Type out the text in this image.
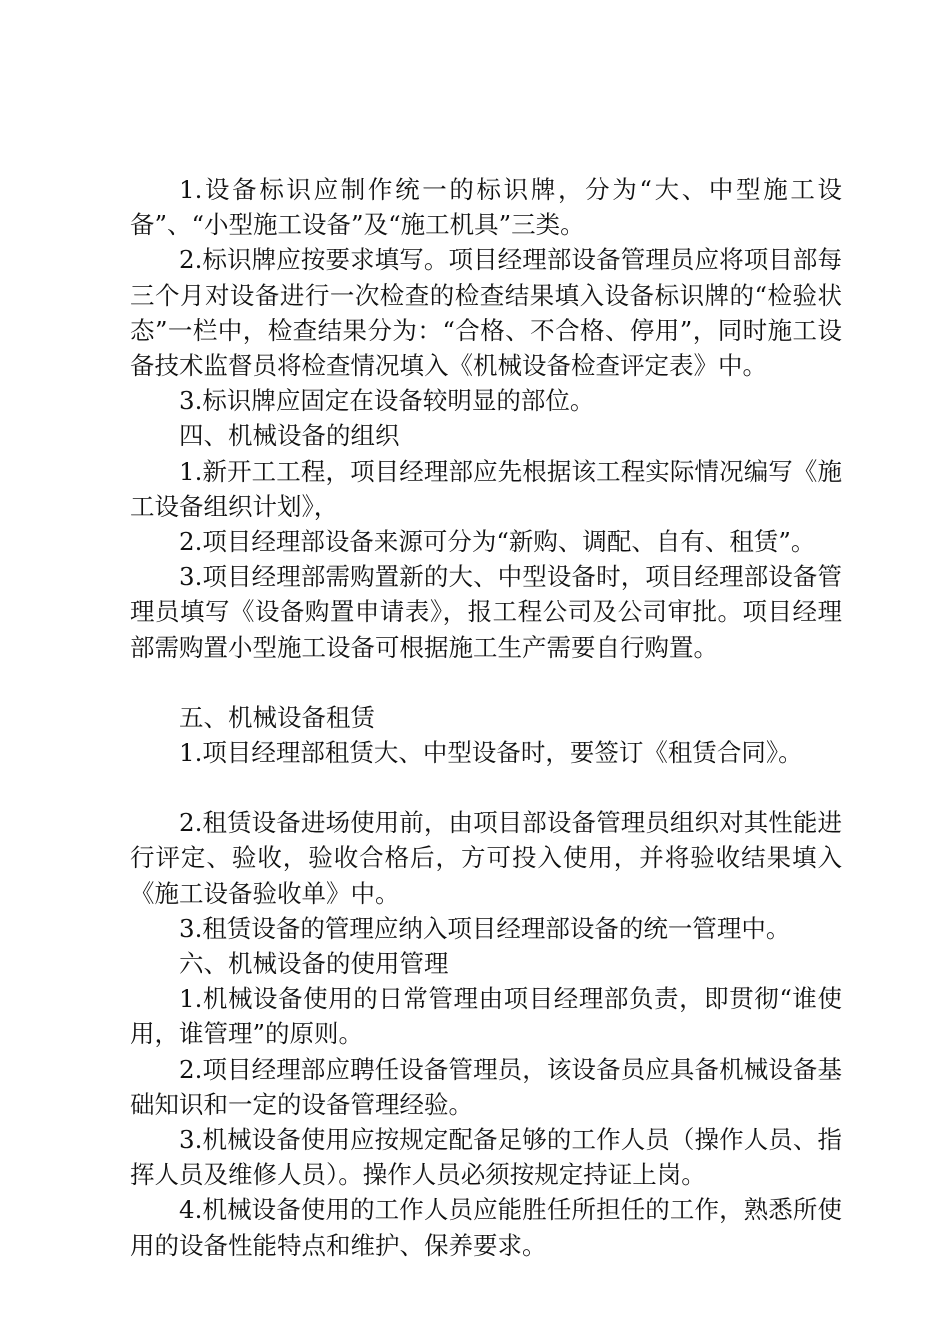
1.设备标识应制作统一的标识牌，分为“大、中型施工设备”、“小型施工设备”及“施工机具”三类。

2.标识牌应按要求填写。项目经理部设备管理员应将项目部每三个月对设备进行一次检查的检查结果填入设备标识牌的“检验状态”一栏中，检查结果分为：“合格、不合格、停用”，同时施工设备技术监督员将检查情况填入《机械设备检查评定表》中。

3.标识牌应固定在设备较明显的部位。

四、机械设备的组织

1.新开工工程，项目经理部应先根据该工程实际情况编写《施工设备组织计划》，

2.项目经理部设备来源可分为“新购、调配、自有、租赁”。

3.项目经理部需购置新的大、中型设备时，项目经理部设备管理员填写《设备购置申请表》，报工程公司及公司审批。项目经理部需购置小型施工设备可根据施工生产需要自行购置。

五、机械设备租赁

1.项目经理部租赁大、中型设备时，要签订《租赁合同》。

2.租赁设备进场使用前，由项目部设备管理员组织对其性能进行评定、验收，验收合格后，方可投入使用，并将验收结果填入《施工设备验收单》中。

3.租赁设备的管理应纳入项目经理部设备的统一管理中。

六、机械设备的使用管理

1.机械设备使用的日常管理由项目经理部负责，即贯彻“谁使用，谁管理”的原则。

2.项目经理部应聘任设备管理员，该设备员应具备机械设备基础知识和一定的设备管理经验。

3.机械设备使用应按规定配备足够的工作人员（操作人员、指挥人员及维修人员）。操作人员必须按规定持证上岗。

4.机械设备使用的工作人员应能胜任所担任的工作，熟悉所使用的设备性能特点和维护、保养要求。
